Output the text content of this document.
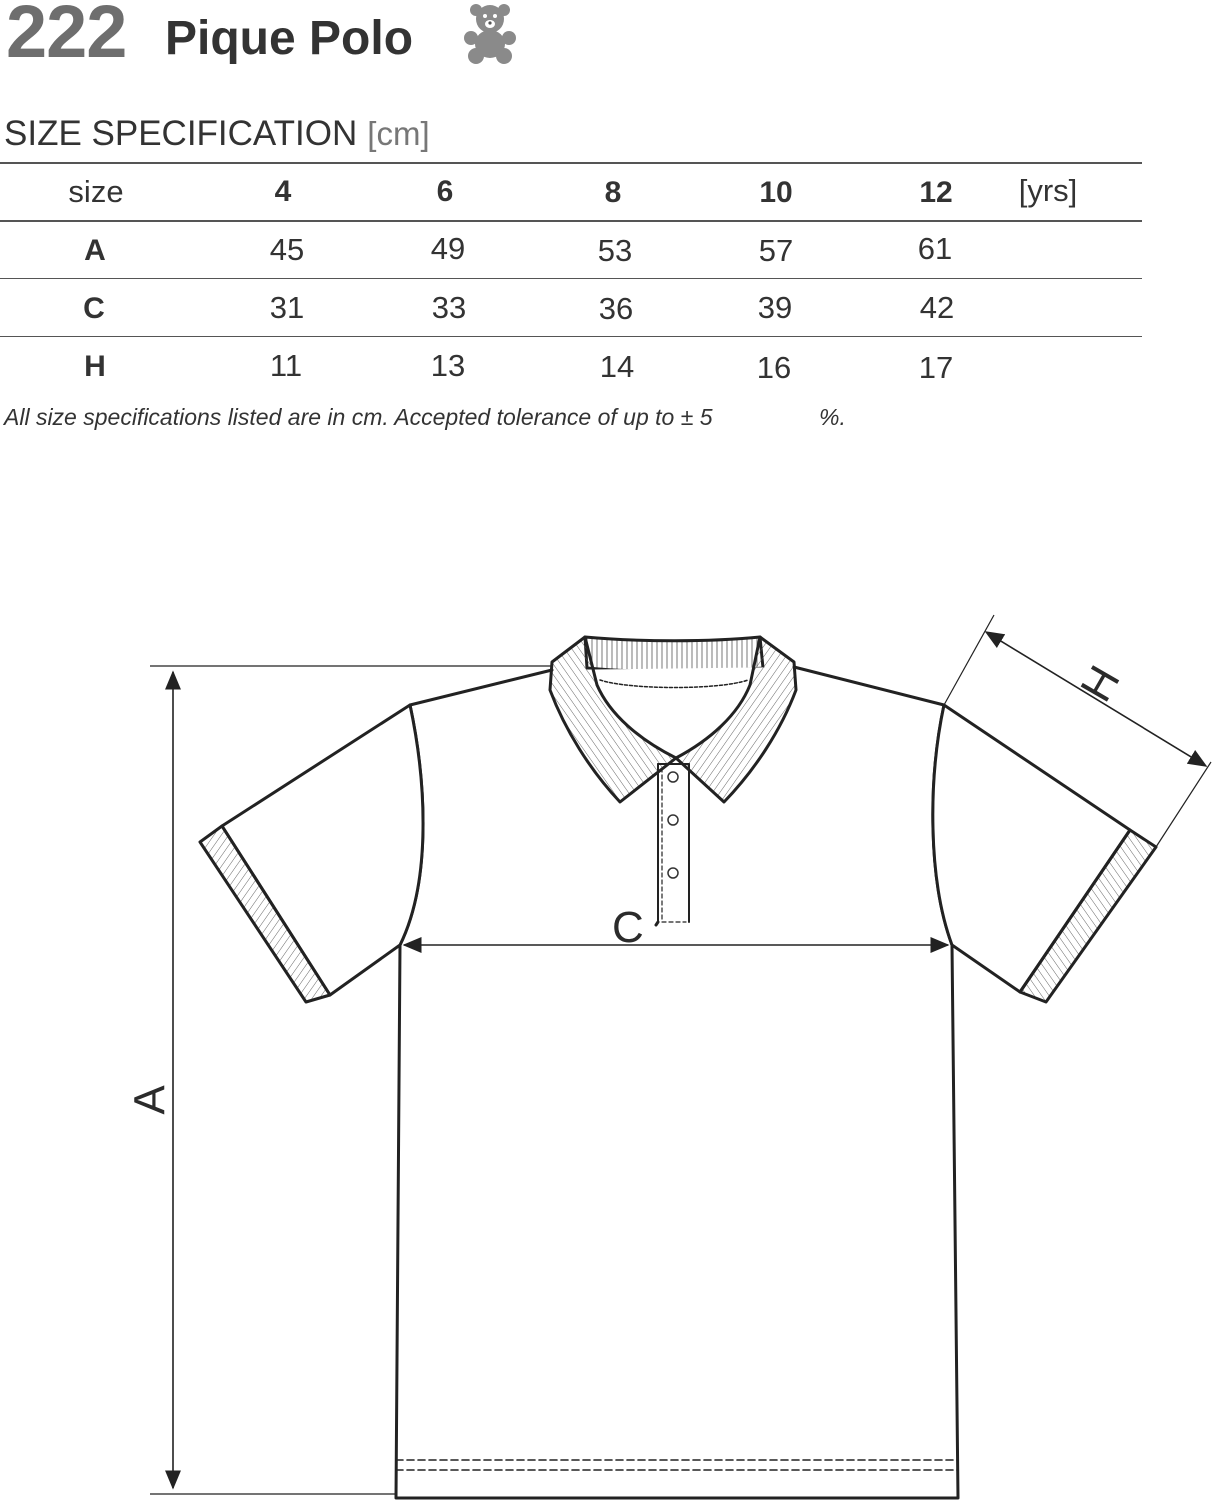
222 Pique Polo
SIZE SPECIFICATION [cm]
size	4	6	8	10	12 [yrs]
A	45	49	53	57	61
C	31	33	36	39	42
H	11	13	14	16	17
All size specifications listed are in cm. Accepted tolerance of up to ± 5	%.
A
C
H
